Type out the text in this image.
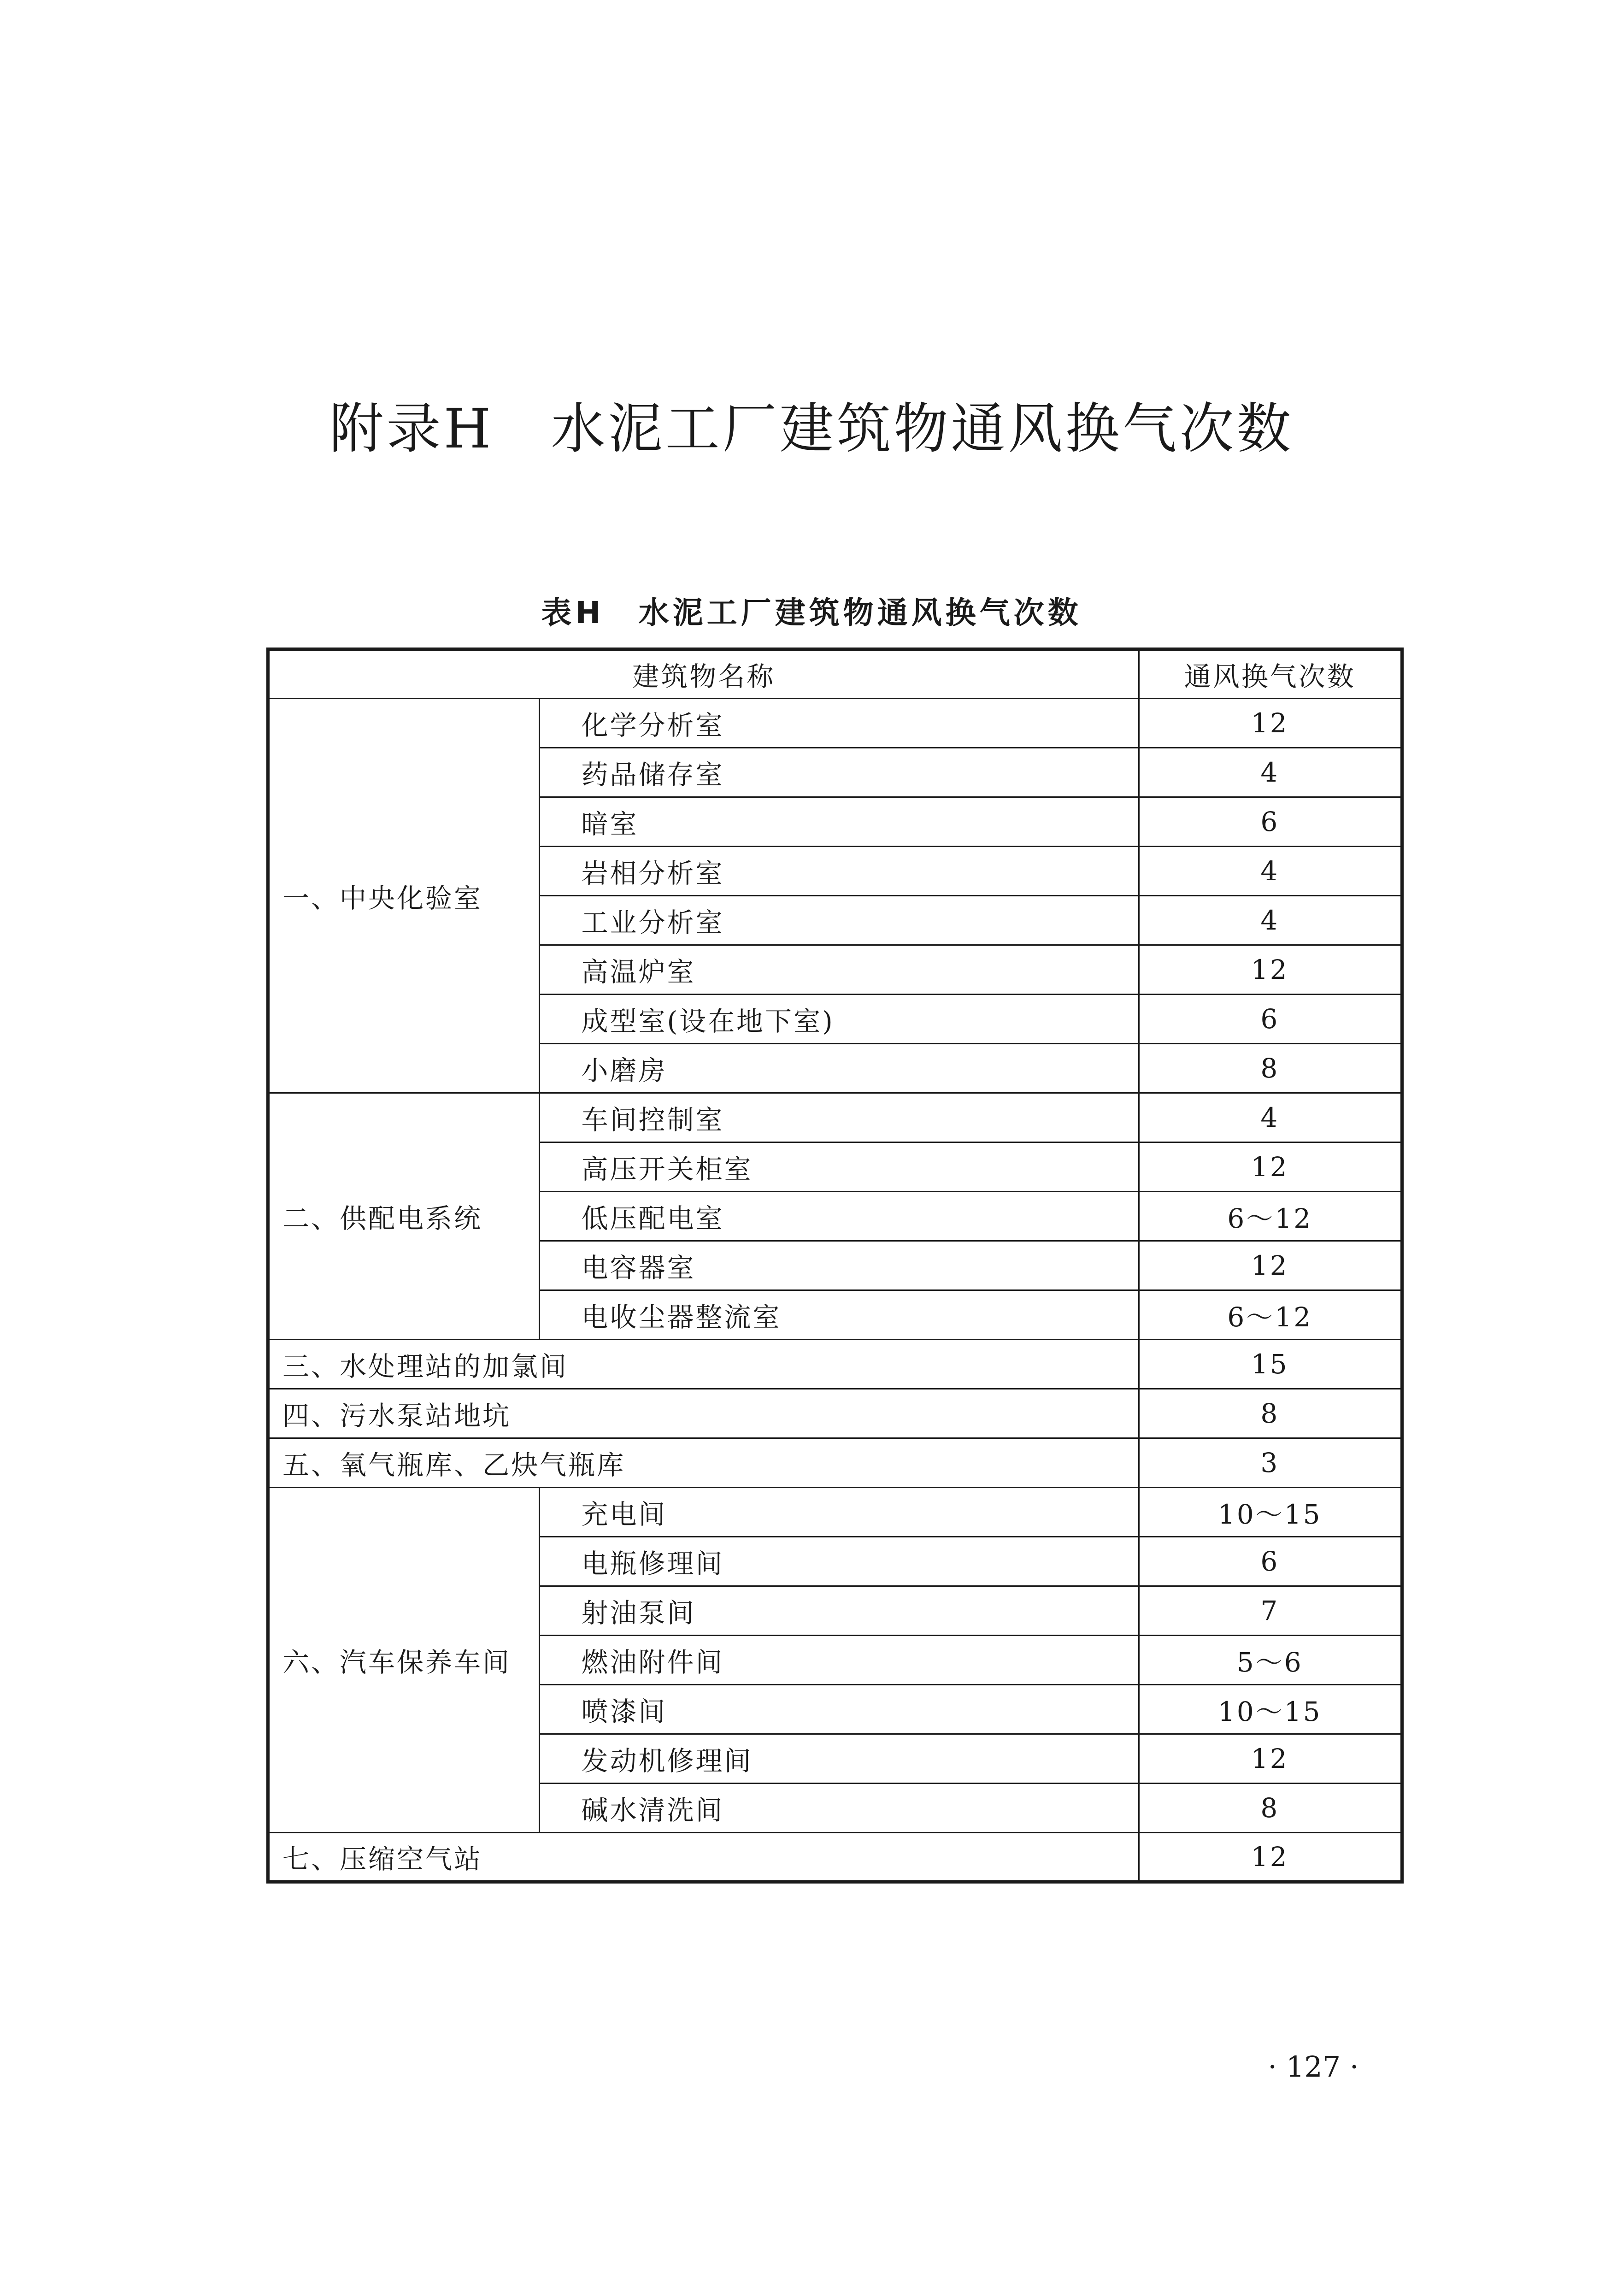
附录H　水泥工厂建筑物通风换气次数
表H　水泥工厂建筑物通风换气次数
建筑物名称		通风换气次数
一、中央化验室	化学分析室	12
	药品储存室	4
	暗室	6
	岩相分析室	4
	工业分析室	4
	高温炉室	12
	成型室(设在地下室)	6
	小磨房	8
二、供配电系统	车间控制室	4
	高压开关柜室	12
	低压配电室	6～12
	电容器室	12
	电收尘器整流室	6～12
三、水处理站的加氯间		15
四、污水泵站地坑		8
五、氧气瓶库、乙炔气瓶库		3
六、汽车保养车间	充电间	10～15
	电瓶修理间	6
	射油泵间	7
	燃油附件间	5～6
	喷漆间	10～15
	发动机修理间	12
	碱水清洗间	8
七、压缩空气站		12
· 127 ·
